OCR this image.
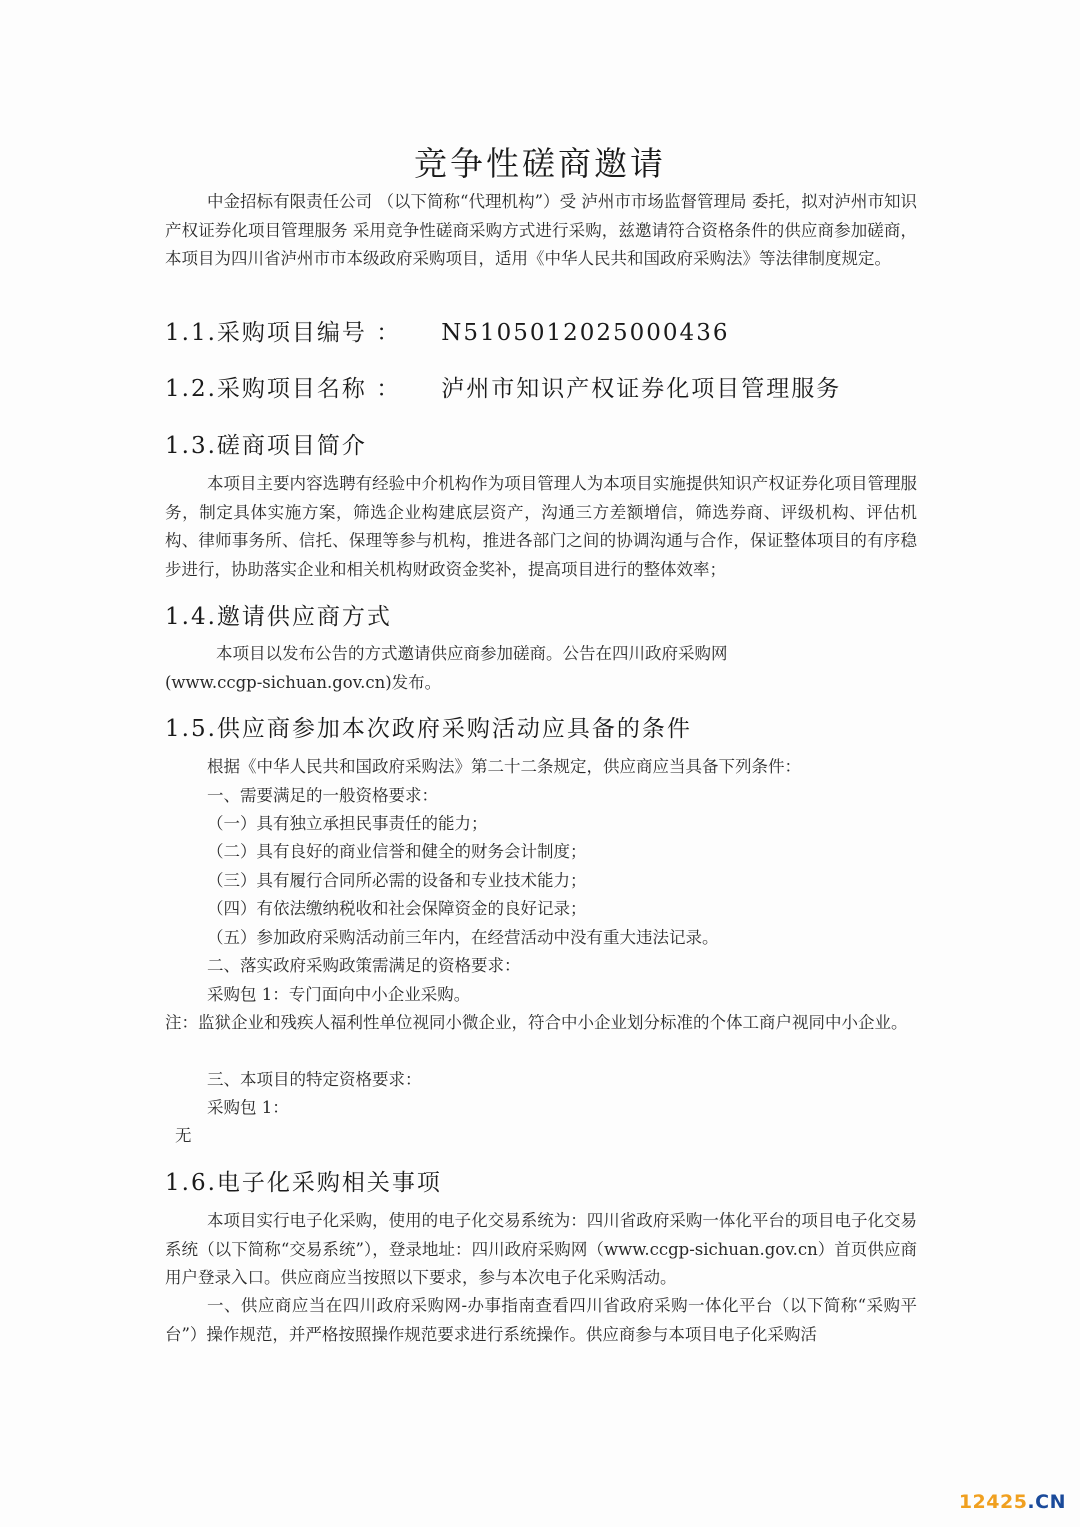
竞争性磋商邀请
中金招标有限责任公司 （以下简称“代理机构”）受 泸州市市场监督管理局 委托，拟对泸州市知识产权证券化项目管理服务 采用竞争性磋商采购方式进行采购，兹邀请符合资格条件的供应商参加磋商，本项目为四川省泸州市市本级政府采购项目，适用《中华人民共和国政府采购法》等法律制度规定。
1.1.采购项目编号 ： N5105012025000436
1.2.采购项目名称 ： 泸州市知识产权证券化项目管理服务
1.3.磋商项目简介
本项目主要内容选聘有经验中介机构作为项目管理人为本项目实施提供知识产权证券化项目管理服务，制定具体实施方案，筛选企业构建底层资产，沟通三方差额增信，筛选券商、评级机构、评估机构、律师事务所、信托、保理等参与机构，推进各部门之间的协调沟通与合作，保证整体项目的有序稳步进行，协助落实企业和相关机构财政资金奖补，提高项目进行的整体效率；
1.4.邀请供应商方式
本项目以发布公告的方式邀请供应商参加磋商。公告在四川政府采购网
(www.ccgp-sichuan.gov.cn)发布。
1.5.供应商参加本次政府采购活动应具备的条件
根据《中华人民共和国政府采购法》第二十二条规定，供应商应当具备下列条件：
一、需要满足的一般资格要求：
（一）具有独立承担民事责任的能力；
（二）具有良好的商业信誉和健全的财务会计制度；
（三）具有履行合同所必需的设备和专业技术能力；
（四）有依法缴纳税收和社会保障资金的良好记录；
（五）参加政府采购活动前三年内，在经营活动中没有重大违法记录。
二、落实政府采购政策需满足的资格要求：
采购包 1：专门面向中小企业采购。
注：监狱企业和残疾人福利性单位视同小微企业，符合中小企业划分标准的个体工商户视同中小企业。
三、本项目的特定资格要求：
采购包 1：
无
1.6.电子化采购相关事项
本项目实行电子化采购，使用的电子化交易系统为：四川省政府采购一体化平台的项目电子化交易系统（以下简称“交易系统”），登录地址：四川政府采购网（www.ccgp-sichuan.gov.cn）首页供应商用户登录入口。供应商应当按照以下要求，参与本次电子化采购活动。
一、供应商应当在四川政府采购网-办事指南查看四川省政府采购一体化平台（以下简称“采购平台”）操作规范，并严格按照操作规范要求进行系统操作。供应商参与本项目电子化采购活
12425.CN
